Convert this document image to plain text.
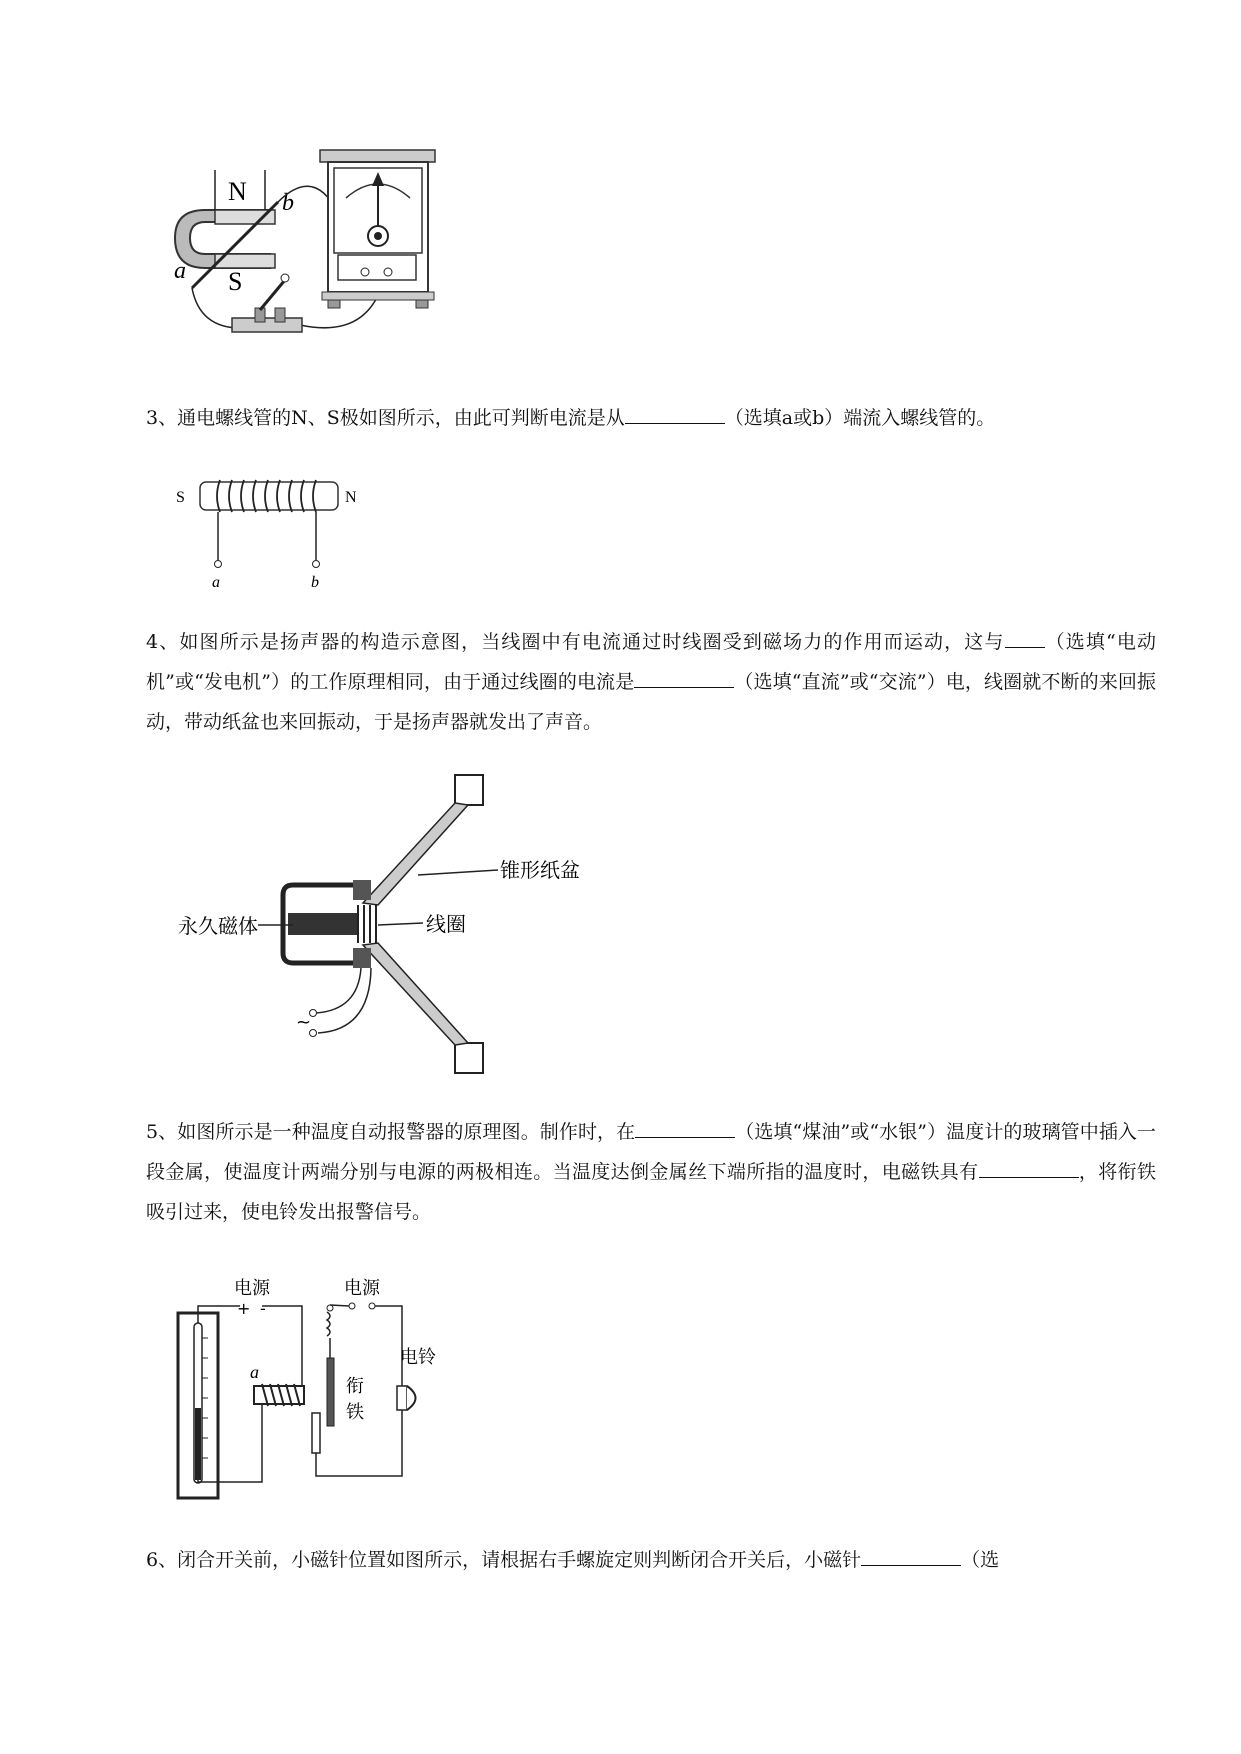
N
S
a
b
3、通电螺线管的N、S极如图所示，由此可判断电流是从	（选填a或b）端流入螺线管的。
S	N
a	b
4、如图所示是扬声器的构造示意图，当线圈中有电流通过时线圈受到磁场力的作用而运动，这与 （选填“电动机”或“发电机”）的工作原理相同，由于通过线圈的电流是	（选填“直流”或“交流”）电，线圈就不断的来回振动，带动纸盆也来回振动，于是扬声器就发出了声音。
锥形纸盆
线圈
永久磁体
~
5、如图所示是一种温度自动报警器的原理图。制作时，在	（选填“煤油”或“水银”）温度计的玻璃管中插入一段金属，使温度计两端分别与电源的两极相连。当温度达倒金属丝下端所指的温度时，电磁铁具有	，将衔铁吸引过来，使电铃发出报警信号。
电源
+ -
a
衔
铁
电源
电铃
6、闭合开关前，小磁针位置如图所示，请根据右手螺旋定则判断闭合开关后，小磁针	（选
